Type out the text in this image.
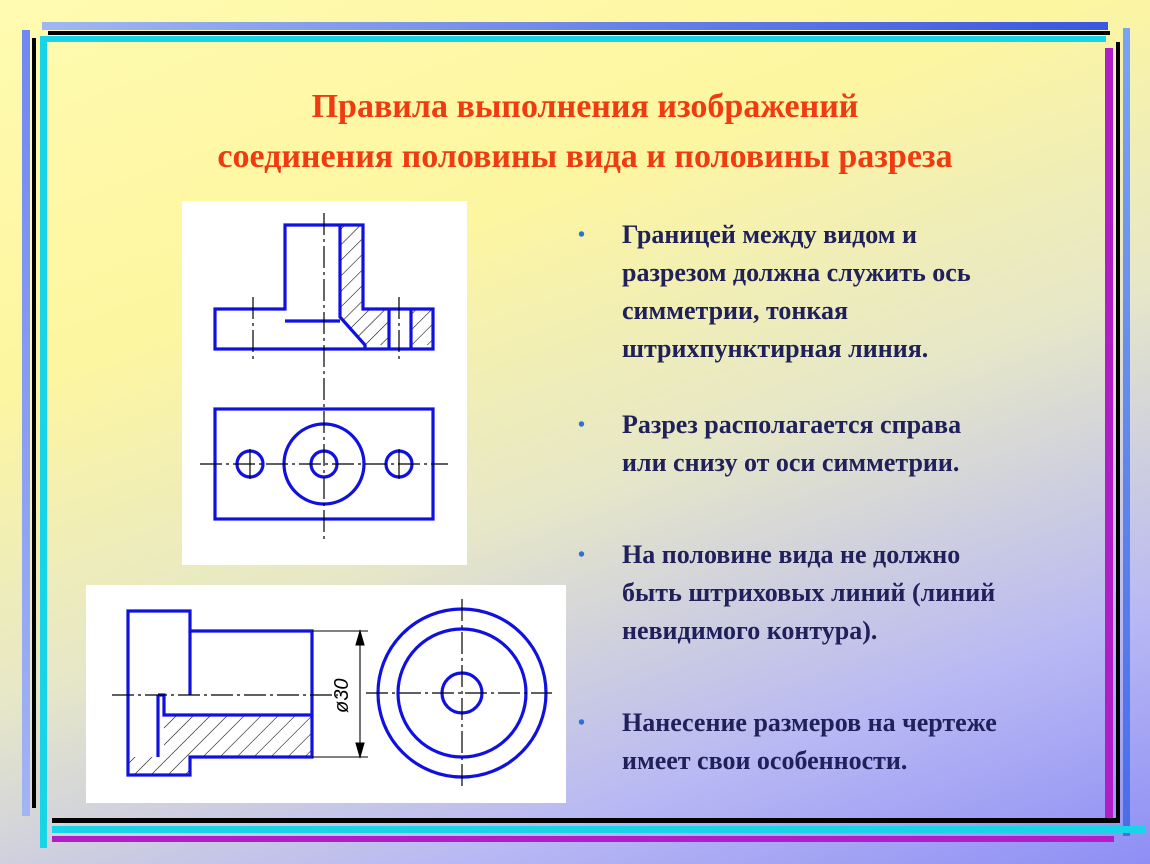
Правила выполнения изображений
соединения половины вида и половины разреза
ø30
• Границей между видом и
разрезом должна служить ось
симметрии, тонкая
штрихпунктирная линия.
• Разрез располагается справа
или снизу от оси симметрии.
• На половине вида не должно
быть штриховых линий (линий
невидимого контура).
• Нанесение размеров на чертеже
имеет свои особенности.
